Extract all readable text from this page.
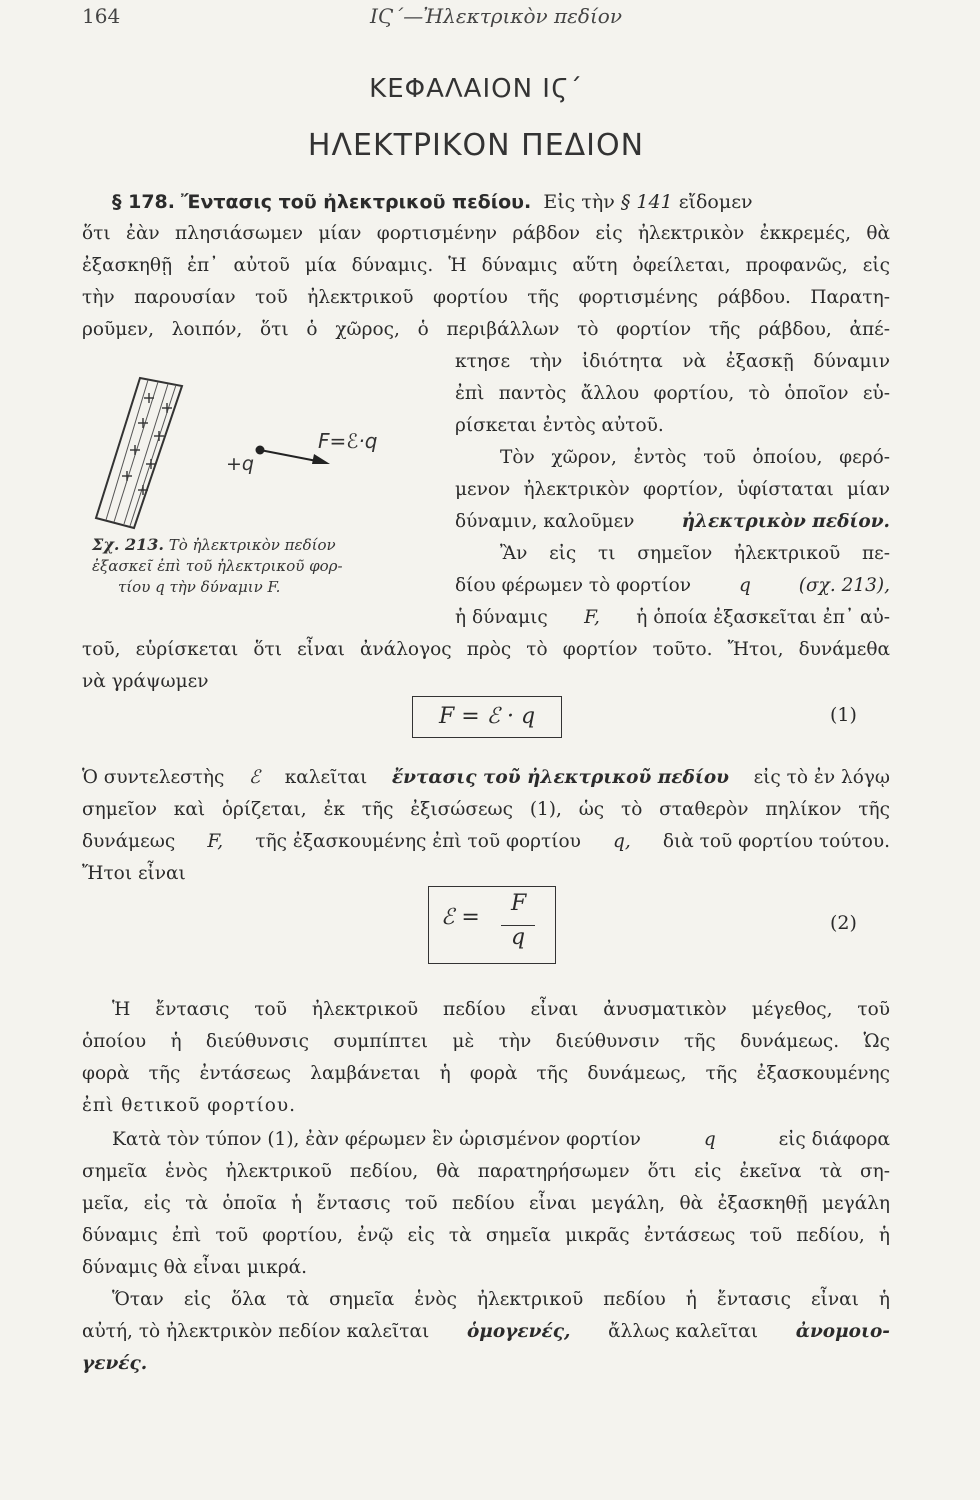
164	ΙϚ΄—Ἠλεκτρικὸν πεδίον
ΚΕΦΑΛΑΙΟΝ ΙϚ΄
ΗΛΕΚΤΡΙΚΟΝ ΠΕΔΙΟΝ
§ 178. Ἔντασις τοῦ ἠλεκτρικοῦ πεδίου. Εἰς τὴν § 141 εἴδομεν
ὅτι ἐὰν πλησιάσωμεν μίαν φορτισμένην ράβδον εἰς ἠλεκτρικὸν ἐκκρεμές, θὰ
ἐξασκηθῇ ἐπ᾽ αὐτοῦ μία δύναμις. Ἡ δύναμις αὕτη ὀφείλεται, προφανῶς, εἰς
τὴν παρουσίαν τοῦ ἠλεκτρικοῦ φορτίου τῆς φορτισμένης ράβδου. Παρατη-
ροῦμεν, λοιπόν, ὅτι ὁ χῶρος, ὁ περιβάλλων τὸ φορτίον τῆς ράβδου, ἀπέ-
κτησε τὴν ἰδιότητα νὰ ἐξασκῇ δύναμιν
ἐπὶ παντὸς ἄλλου φορτίου, τὸ ὁποῖον εὑ-
ρίσκεται ἐντὸς αὐτοῦ.
Τὸν χῶρον, ἐντὸς τοῦ ὁποίου, φερό-
μενον ἠλεκτρικὸν φορτίον, ὑφίσταται μίαν
δύναμιν, καλοῦμεν	ἠλεκτρικὸν πεδίον.
Ἂν εἰς τι σημεῖον ἠλεκτρικοῦ πε-
δίου φέρωμεν τὸ φορτίον	q	(σχ. 213),
ἡ δύναμις F, ἡ ὁποία ἐξασκεῖται ἐπ᾽ αὐ-
+q
F=ℰ·q
Σχ. 213. Τὸ ἠλεκτρικὸν πεδίον
ἐξασκεῖ ἐπὶ τοῦ ἠλεκτρικοῦ φορ-
τίου q τὴν δύναμιν F.
τοῦ, εὑρίσκεται ὅτι εἶναι ἀνάλογος πρὸς τὸ φορτίον τοῦτο. Ἤτοι, δυνάμεθα
νὰ γράψωμεν
F = ℰ · q	(1)
Ὁ συντελεστὴς ℰ καλεῖται ἔντασις τοῦ ἠλεκτρικοῦ πεδίου εἰς τὸ ἐν λόγῳ
σημεῖον καὶ ὁρίζεται, ἐκ τῆς ἐξισώσεως (1), ὡς τὸ σταθερὸν πηλίκον τῆς
δυνάμεως F, τῆς ἐξασκουμένης ἐπὶ τοῦ φορτίου q, διὰ τοῦ φορτίου τούτου.
Ἤτοι εἶναι
ℰ =
F
q
(2)
Ἡ ἔντασις τοῦ ἠλεκτρικοῦ πεδίου εἶναι ἀνυσματικὸν μέγεθος, τοῦ
ὁποίου ἡ διεύθυνσις συμπίπτει μὲ τὴν διεύθυνσιν τῆς δυνάμεως. Ὡς
φορὰ τῆς ἐντάσεως λαμβάνεται ἡ φορὰ τῆς δυνάμεως, τῆς ἐξασκουμένης
ἐπὶ θετικοῦ φορτίου.
Κατὰ τὸν τύπον (1), ἐὰν φέρωμεν ἓν ὡρισμένον φορτίον	q	εἰς διάφορα
σημεῖα ἑνὸς ἠλεκτρικοῦ πεδίου, θὰ παρατηρήσωμεν ὅτι εἰς ἐκεῖνα τὰ ση-
μεῖα, εἰς τὰ ὁποῖα ἡ ἔντασις τοῦ πεδίου εἶναι μεγάλη, θὰ ἐξασκηθῇ μεγάλη
δύναμις ἐπὶ τοῦ φορτίου, ἐνῷ εἰς τὰ σημεῖα μικρᾶς ἐντάσεως τοῦ πεδίου, ἡ
δύναμις θὰ εἶναι μικρά.
Ὅταν εἰς ὅλα τὰ σημεῖα ἑνὸς ἠλεκτρικοῦ πεδίου ἡ ἔντασις εἶναι ἡ
αὐτή, τὸ ἠλεκτρικὸν πεδίον καλεῖται ὁμογενές, ἄλλως καλεῖται ἀνομοιο-
γενές.
